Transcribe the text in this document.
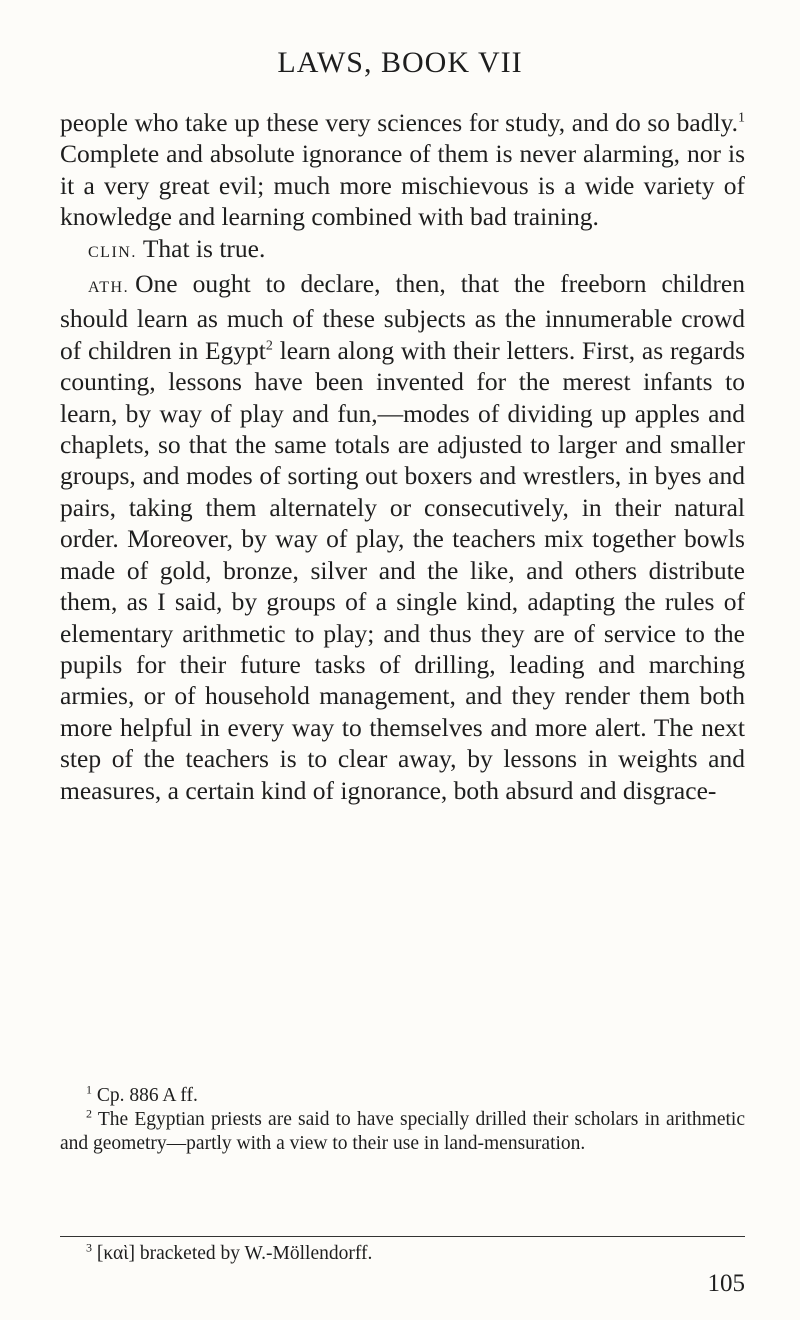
LAWS, BOOK VII

people who take up these very sciences for study, and do so badly.$^1$ Complete and absolute ignorance of them is never alarming, nor is it a very great evil; much more mischievous is a wide variety of knowledge and learning combined with bad training.

CLIN. That is true.

ATH. One ought to declare, then, that the freeborn children should learn as much of these subjects as the innumerable crowd of children in Egypt$^2$ learn along with their letters. First, as regards counting, lessons have been invented for the merest infants to learn, by way of play and fun,—modes of dividing up apples and chaplets, so that the same totals are adjusted to larger and smaller groups, and modes of sorting out boxers and wrestlers, in byes and pairs, taking them alternately or consecutively, in their natural order. Moreover, by way of play, the teachers mix together bowls made of gold, bronze, silver and the like, and others distribute them, as I said, by groups of a single kind, adapting the rules of elementary arithmetic to play; and thus they are of service to the pupils for their future tasks of drilling, leading and marching armies, or of household management, and they render them both more helpful in every way to themselves and more alert. The next step of the teachers is to clear away, by lessons in weights and measures, a certain kind of ignorance, both absurd and disgrace-

$^1$ Cp. 886 A ff.

$^2$ The Egyptian priests are said to have specially drilled their scholars in arithmetic and geometry—partly with a view to their use in land-mensuration.

$^3$ [καὶ] bracketed by W.-Möllendorff.
105
